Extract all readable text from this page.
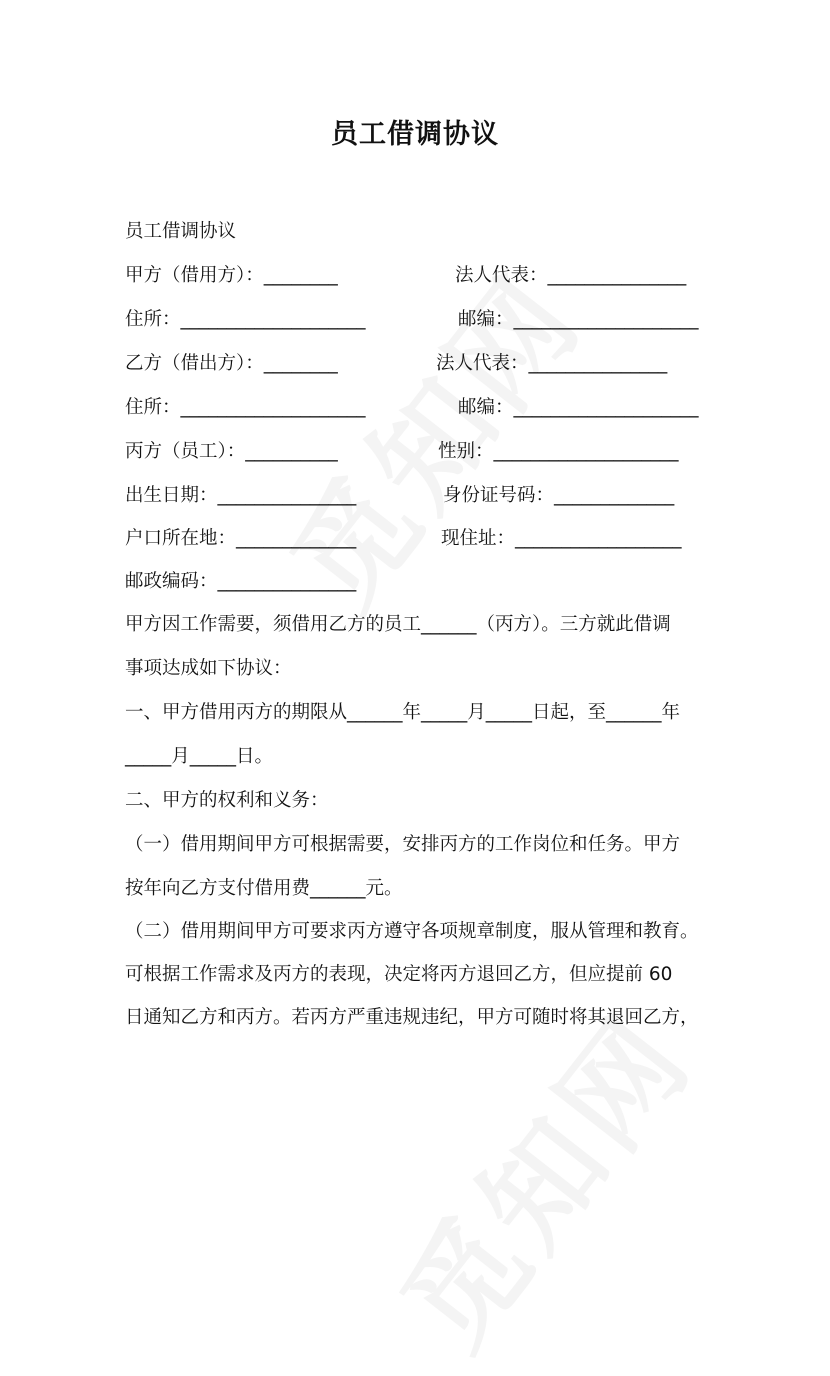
员工借调协议

员工借调协议

甲方（借用方）：________	法人代表：_______________

住所：____________________	邮编：____________________

乙方（借出方）：________	法人代表：_______________

住所：____________________	邮编：____________________

丙方（员工）：__________	性别：____________________

出生日期：_______________	身份证号码：_____________

户口所在地：_____________	现住址：__________________

邮政编码：_______________

甲方因工作需要，须借用乙方的员工______（丙方）。三方就此借调

事项达成如下协议：

一、甲方借用丙方的期限从______年_____月_____日起，至______年

_____月_____日。

二、甲方的权利和义务：

（一）借用期间甲方可根据需要，安排丙方的工作岗位和任务。甲方

按年向乙方支付借用费______元。

（二）借用期间甲方可要求丙方遵守各项规章制度，服从管理和教育。

可根据工作需求及丙方的表现，决定将丙方退回乙方，但应提前 60

日通知乙方和丙方。若丙方严重违规违纪，甲方可随时将其退回乙方，
